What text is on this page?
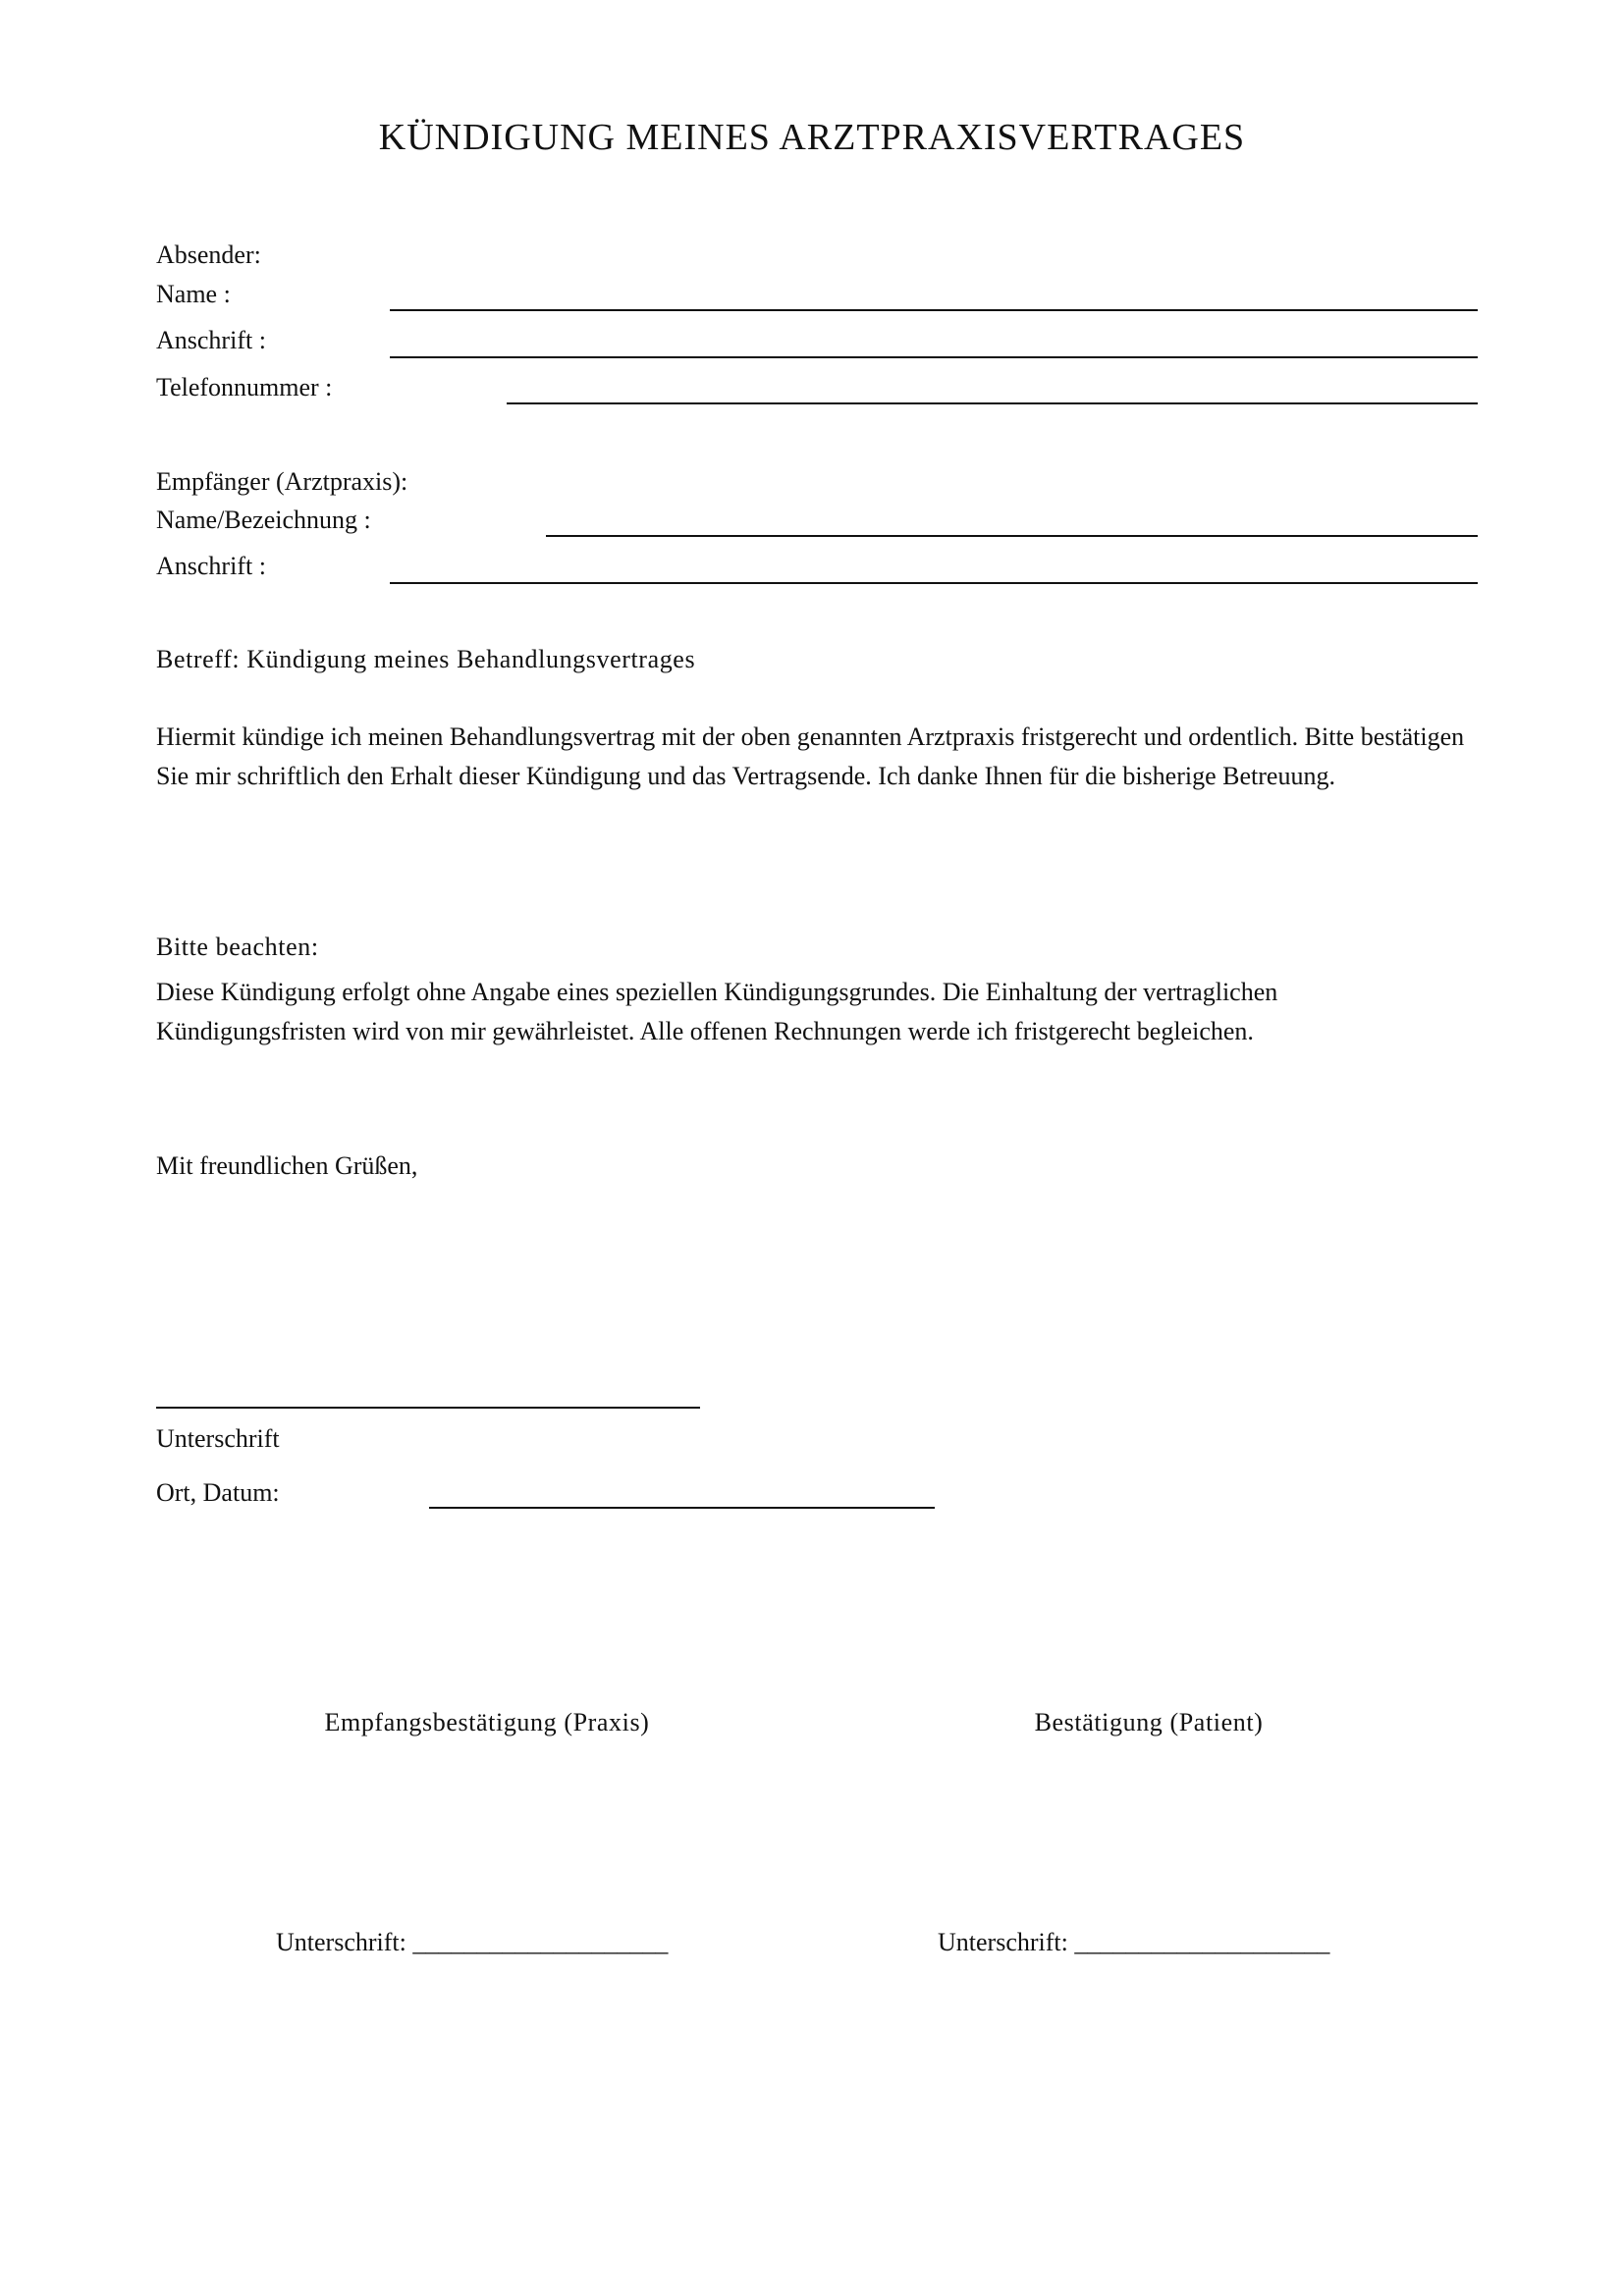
KÜNDIGUNG MEINES ARZTPRAXISVERTRAGES
Absender:
Name :
Anschrift :
Telefonnummer :
Empfänger (Arztpraxis):
Name/Bezeichnung :
Anschrift :
Betreff: Kündigung meines Behandlungsvertrages
Hiermit kündige ich meinen Behandlungsvertrag mit der oben genannten Arztpraxis fristgerecht und ordentlich. Bitte bestätigen Sie mir schriftlich den Erhalt dieser Kündigung und das Vertragsende. Ich danke Ihnen für die bisherige Betreuung.
Bitte beachten:
Diese Kündigung erfolgt ohne Angabe eines speziellen Kündigungsgrundes. Die Einhaltung der vertraglichen Kündigungsfristen wird von mir gewährleistet. Alle offenen Rechnungen werde ich fristgerecht begleichen.
Mit freundlichen Grüßen,
Unterschrift
Ort, Datum:
Empfangsbestätigung (Praxis)	Bestätigung (Patient)
Unterschrift: ____________________	Unterschrift: ____________________
